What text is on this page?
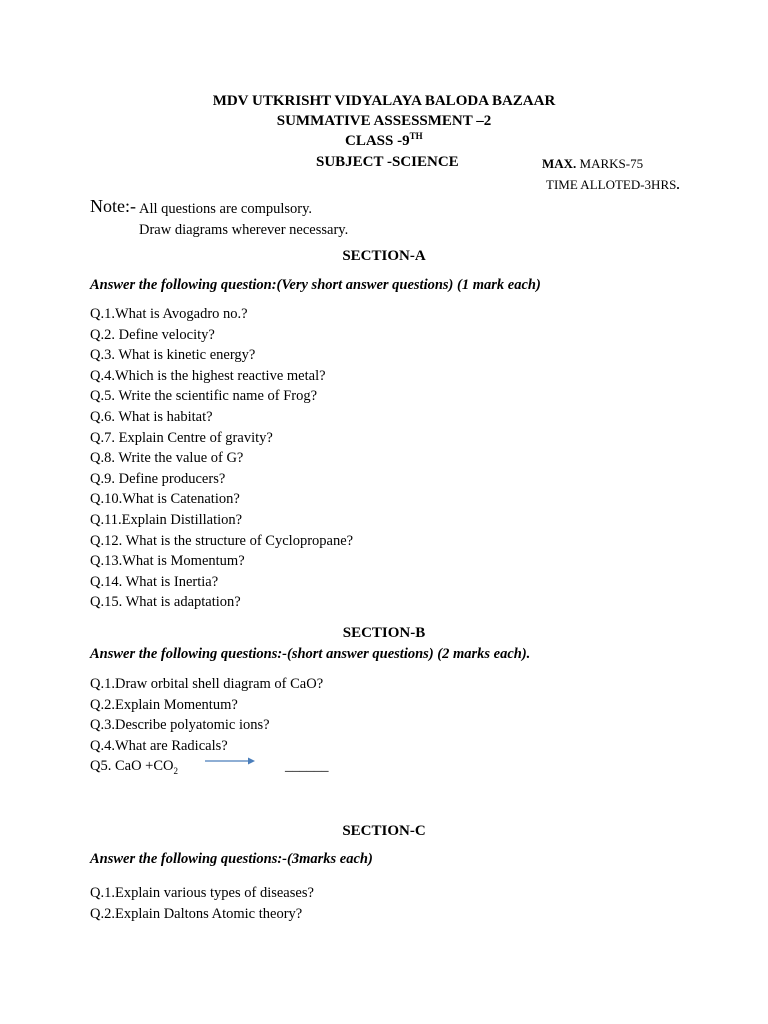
MDV UTKRISHT VIDYALAYA BALODA BAZAAR
SUMMATIVE ASSESSMENT –2
CLASS -9TH
SUBJECT -SCIENCE	MAX. MARKS-75
TIME ALLOTED-3HRS.
Note:- All questions are compulsory.
Draw diagrams wherever necessary.
SECTION-A
Answer the following question:(Very short answer questions) (1 mark each)
Q.1.What is Avogadro no.?
Q.2. Define velocity?
Q.3. What is kinetic energy?
Q.4.Which is the highest reactive metal?
Q.5. Write the scientific name of Frog?
Q.6. What is habitat?
Q.7. Explain Centre of gravity?
Q.8. Write the value of G?
Q.9. Define producers?
Q.10.What is Catenation?
Q.11.Explain Distillation?
Q.12. What is the structure of Cyclopropane?
Q.13.What is Momentum?
Q.14. What is Inertia?
Q.15. What is adaptation?
SECTION-B
Answer the following questions:-(short answer questions) (2 marks each).
Q.1.Draw orbital shell diagram of CaO?
Q.2.Explain Momentum?
Q.3.Describe polyatomic ions?
Q.4.What are Radicals?
Q5. CaO $+CO_2$	______
SECTION-C
Answer the following questions:-(3marks each)
Q.1.Explain various types of diseases?
Q.2.Explain Daltons Atomic theory?
